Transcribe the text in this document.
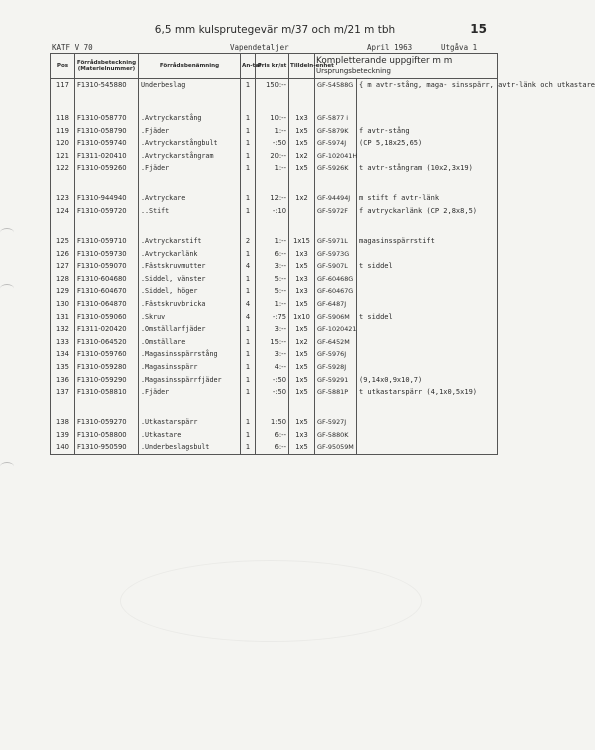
6,5 mm kulsprutegevär m/37 och m/21 m tbh	15
KATF V 70	Vapendetaljer	April 1963	Utgåva 1
Pos	Förrådsbeteckning
(Materielnummer)	Förrådsbenämning	An-tal	Pris kr/st	Tilldeln-enhet	Kompletterande uppgifter m m
Ursprungsbeteckning	
117	F1310-545880	Underbeslag	1	150:--		GF-54588G	{ m avtr-stång, maga- sinsspärr, avtr-länk och utkastare
118	F1310-058770	.Avtryckarstång	1	10:--	1x3	GF-5877 i	
119	F1310-058790	.Fjäder	1	1:--	1x5	GF-5879K	f avtr-stång
120	F1310-059740	.Avtryckarstångbult	1	-:50	1x5	GF-5974J	(CP 5,18x25,65)
121	F1311-020410	.Avtryckarstångram	1	20:--	1x2	GF-102041H	
122	F1310-059260	.Fjäder	1	1:--	1x5	GF-5926K	t avtr-stångram (10x2,3x19)

123	F1310-944940	.Avtryckare	1	12:--	1x2	GF-94494J	m stift f avtr-länk
124	F1310-059720	..Stift	1	-:10		GF-5972F	f avtryckarlänk (CP 2,8x8,5)

125	F1310-059710	.Avtryckarstift	2	1:--	1x15	GF-5971L	magasinsspärrstift
126	F1310-059730	.Avtryckarlänk	1	6:--	1x3	GF-5973G	
127	F1310-059070	.Fästskruvmutter	4	3:--	1x5	GF-5907L	t siddel
128	F1310-604680	.Siddel, vänster	1	5:--	1x3	GF-60468G	
129	F1310-604670	.Siddel, höger	1	5:--	1x3	GF-60467G	
130	F1310-064870	.Fästskruvbricka	4	1:--	1x5	GF-6487J	
131	F1310-059060	.Skruv	4	-:75	1x10	GF-5906M	t siddel
132	F1311-020420	.Omställarfjäder	1	3:--	1x5	GF-1020421	
133	F1310-064520	.Omställare	1	15:--	1x2	GF-6452M	
134	F1310-059760	.Magasinsspärrstång	1	3:--	1x5	GF-5976J	
135	F1310-059280	.Magasinsspärr	1	4:--	1x5	GF-5928J	
136	F1310-059290	.Magasinsspärrfjäder	1	-:50	1x5	GF-59291	(9,14x0,9x10,7)
137	F1310-058810	.Fjäder	1	-:50	1x5	GF-5881P	t utkastarspärr (4,1x0,5x19)

138	F1310-059270	.Utkastarspärr	1	1:50	1x5	GF-5927J	
139	F1310-058800	.Utkastare	1	6:--	1x3	GF-5880K	
140	F1310-950590	.Underbeslagsbult	1	6:--	1x5	GF-95059M	
